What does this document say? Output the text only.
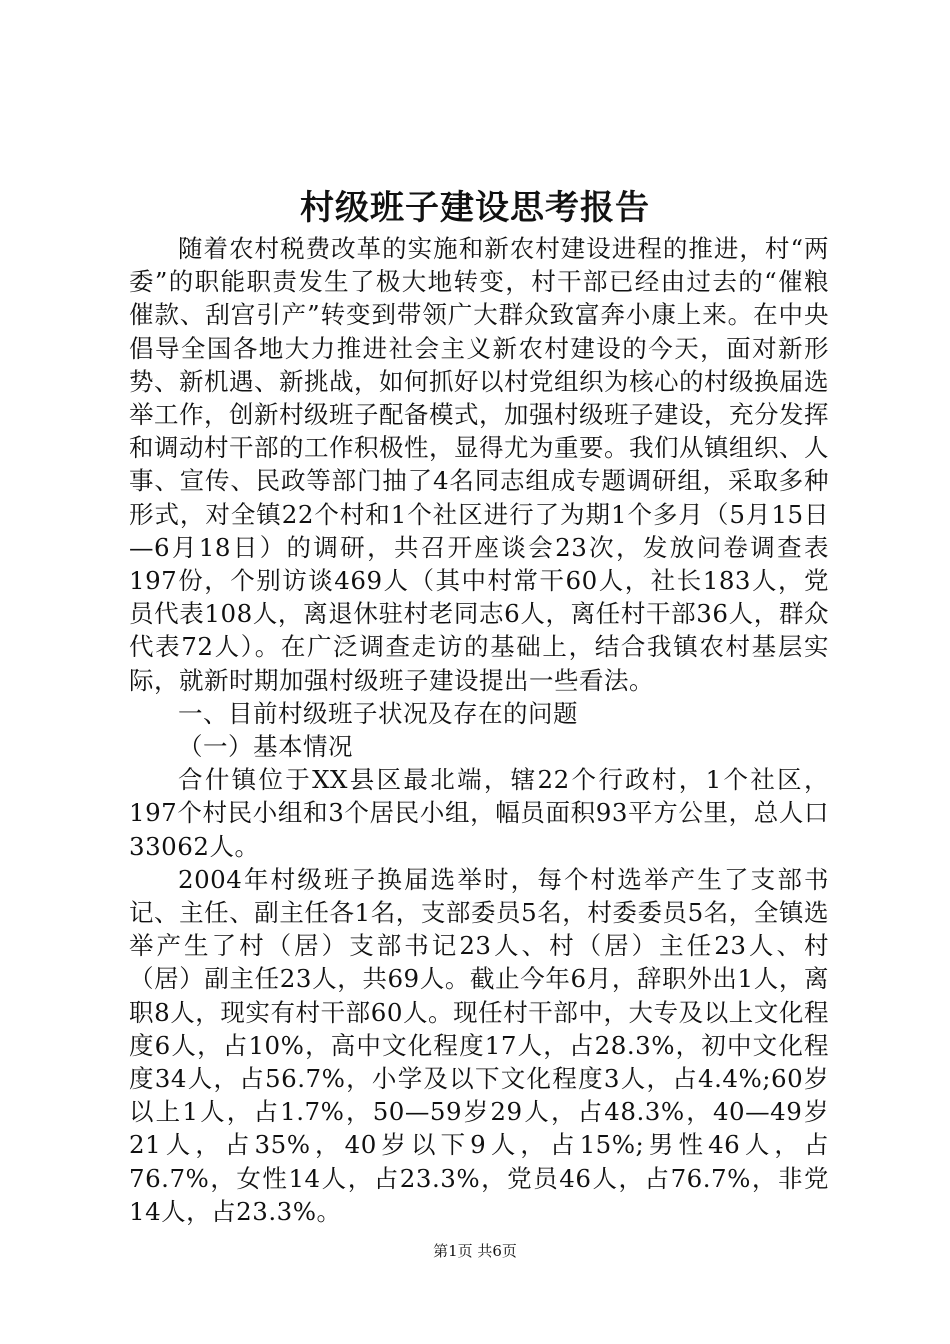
村级班子建设思考报告

随着农村税费改革的实施和新农村建设进程的推进，村“两委”的职能职责发生了极大地转变，村干部已经由过去的“催粮催款、刮宫引产”转变到带领广大群众致富奔小康上来。在中央倡导全国各地大力推进社会主义新农村建设的今天，面对新形势、新机遇、新挑战，如何抓好以村党组织为核心的村级换届选举工作，创新村级班子配备模式，加强村级班子建设，充分发挥和调动村干部的工作积极性，显得尤为重要。我们从镇组织、人事、宣传、民政等部门抽了4名同志组成专题调研组，采取多种形式，对全镇22个村和1个社区进行了为期1个多月（5月15日—6月18日）的调研，共召开座谈会23次，发放问卷调查表197份，个别访谈469人（其中村常干60人，社长183人，党员代表108人，离退休驻村老同志6人，离任村干部36人，群众代表72人）。在广泛调查走访的基础上，结合我镇农村基层实际，就新时期加强村级班子建设提出一些看法。

一、目前村级班子状况及存在的问题

（一）基本情况

合什镇位于XX县区最北端，辖22个行政村，1个社区，197个村民小组和3个居民小组，幅员面积93平方公里，总人口33062人。

2004年村级班子换届选举时，每个村选举产生了支部书记、主任、副主任各1名，支部委员5名，村委委员5名，全镇选举产生了村（居）支部书记23人、村（居）主任23人、村（居）副主任23人，共69人。截止今年6月，辞职外出1人，离职8人，现实有村干部60人。现任村干部中，大专及以上文化程度6人，占10%，高中文化程度17人，占28.3%，初中文化程度34人，占56.7%，小学及以下文化程度3人，占4.4%;60岁以上1人，占1.7%，50—59岁29人，占48.3%，40—49岁21人，占35%，40岁以下9人，占15%;男性46人，占76.7%，女性14人，占23.3%，党员46人，占76.7%，非党14人，占23.3%。

第1页 共6页
